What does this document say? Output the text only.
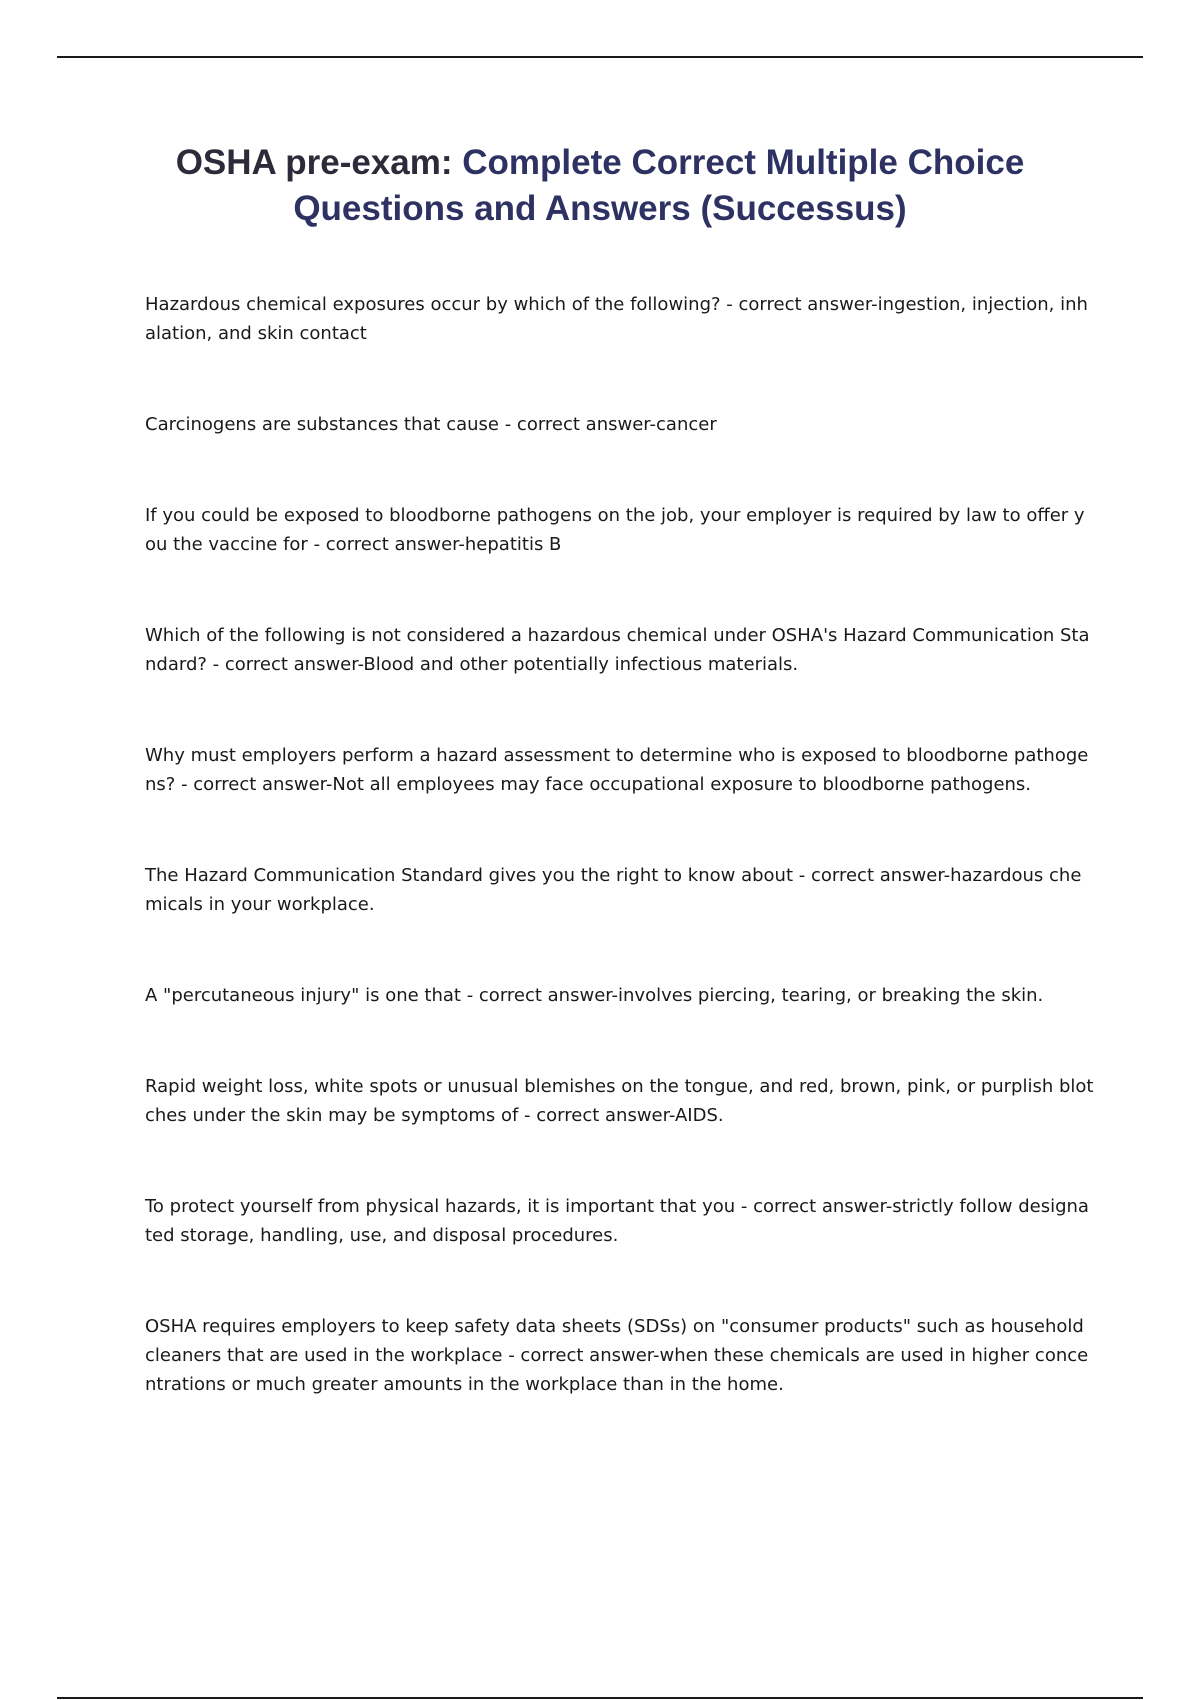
OSHA pre-exam: Complete Correct Multiple Choice Questions and Answers (Successus)

Hazardous chemical exposures occur by which of the following? - correct answer-ingestion, injection, inhalation, and skin contact

Carcinogens are substances that cause - correct answer-cancer

If you could be exposed to bloodborne pathogens on the job, your employer is required by law to offer you the vaccine for - correct answer-hepatitis B

Which of the following is not considered a hazardous chemical under OSHA's Hazard Communication Standard? - correct answer-Blood and other potentially infectious materials.

Why must employers perform a hazard assessment to determine who is exposed to bloodborne pathogens? - correct answer-Not all employees may face occupational exposure to bloodborne pathogens.

The Hazard Communication Standard gives you the right to know about - correct answer-hazardous chemicals in your workplace.

A "percutaneous injury" is one that - correct answer-involves piercing, tearing, or breaking the skin.

Rapid weight loss, white spots or unusual blemishes on the tongue, and red, brown, pink, or purplish blotches under the skin may be symptoms of - correct answer-AIDS.

To protect yourself from physical hazards, it is important that you - correct answer-strictly follow designated storage, handling, use, and disposal procedures.

OSHA requires employers to keep safety data sheets (SDSs) on "consumer products" such as household cleaners that are used in the workplace - correct answer-when these chemicals are used in higher concentrations or much greater amounts in the workplace than in the home.
